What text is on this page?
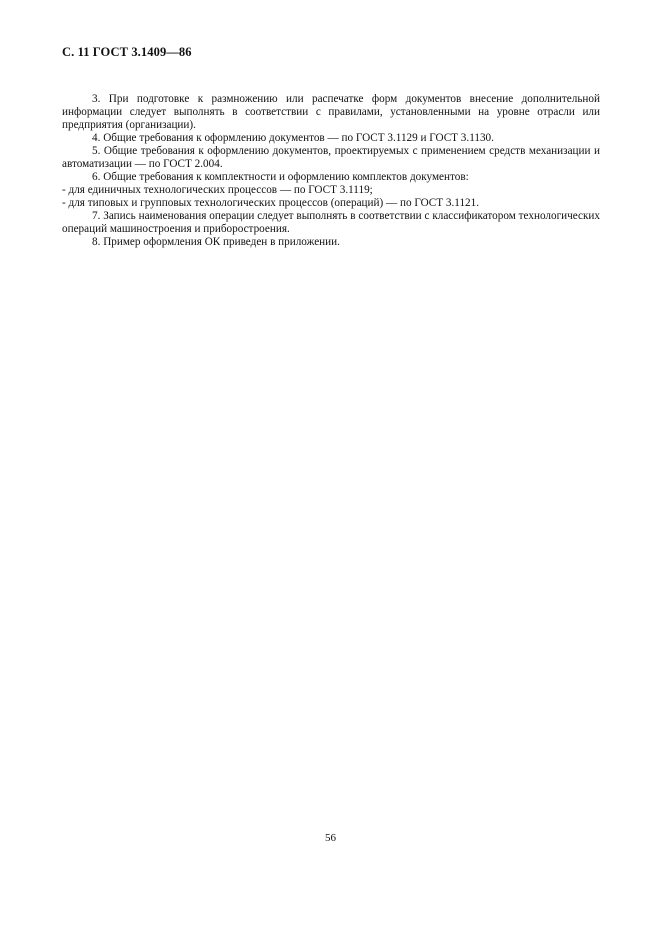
С. 11 ГОСТ 3.1409—86

3. При подготовке к размножению или распечатке форм документов внесение дополнительной информации следует выполнять в соответствии с правилами, установленными на уровне отрасли или предприятия (организации).

4. Общие требования к оформлению документов — по ГОСТ 3.1129 и ГОСТ 3.1130.

5. Общие требования к оформлению документов, проектируемых с применением средств механизации и автоматизации — по ГОСТ 2.004.

6. Общие требования к комплектности и оформлению комплектов документов:

- для единичных технологических процессов — по ГОСТ 3.1119;

- для типовых и групповых технологических процессов (операций) — по ГОСТ 3.1121.

7. Запись наименования операции следует выполнять в соответствии с классификатором технологических операций машиностроения и приборостроения.

8. Пример оформления ОК приведен в приложении.

56
